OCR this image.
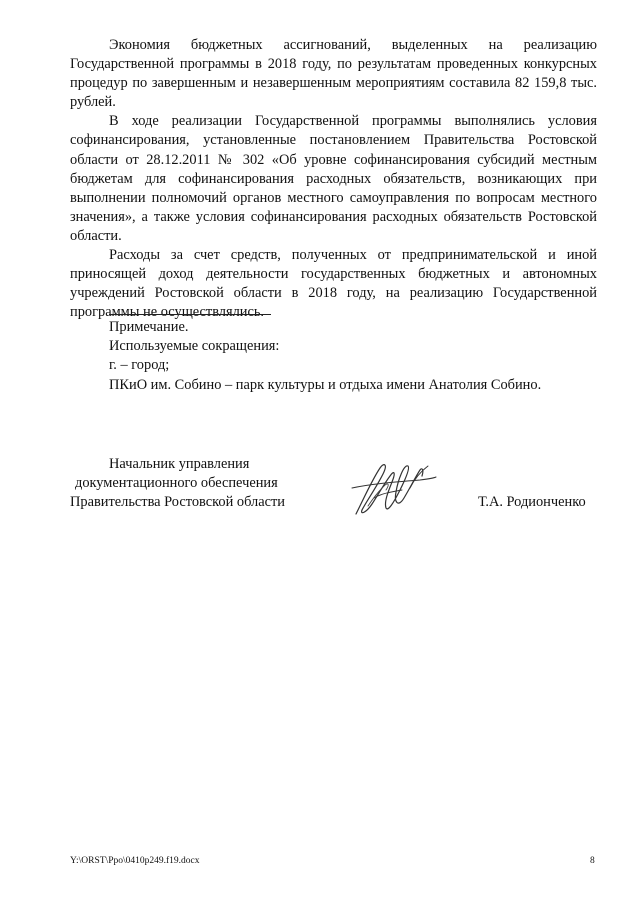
Экономия бюджетных ассигнований, выделенных на реализацию Государственной программы в 2018 году, по результатам проведенных конкурсных процедур по завершенным и незавершенным мероприятиям составила 82 159,8 тыс. рублей.

В ходе реализации Государственной программы выполнялись условия софинансирования, установленные постановлением Правительства Ростовской области от 28.12.2011 № 302 «Об уровне софинансирования субсидий местным бюджетам для софинансирования расходных обязательств, возникающих при выполнении полномочий органов местного самоуправления по вопросам местного значения», а также условия софинансирования расходных обязательств Ростовской области.

Расходы за счет средств, полученных от предпринимательской и иной приносящей доход деятельности государственных бюджетных и автономных учреждений Ростовской области в 2018 году, на реализацию Государственной программы не осуществлялись.

Примечание.
Используемые сокращения:
г. – город;
ПКиО им. Собино – парк культуры и отдыха имени Анатолия Собино.
Начальник управления
документационного обеспечения
Правительства Ростовской области	Т.А. Родионченко
Y:\ORST\Ppo\0410p249.f19.docx	8
